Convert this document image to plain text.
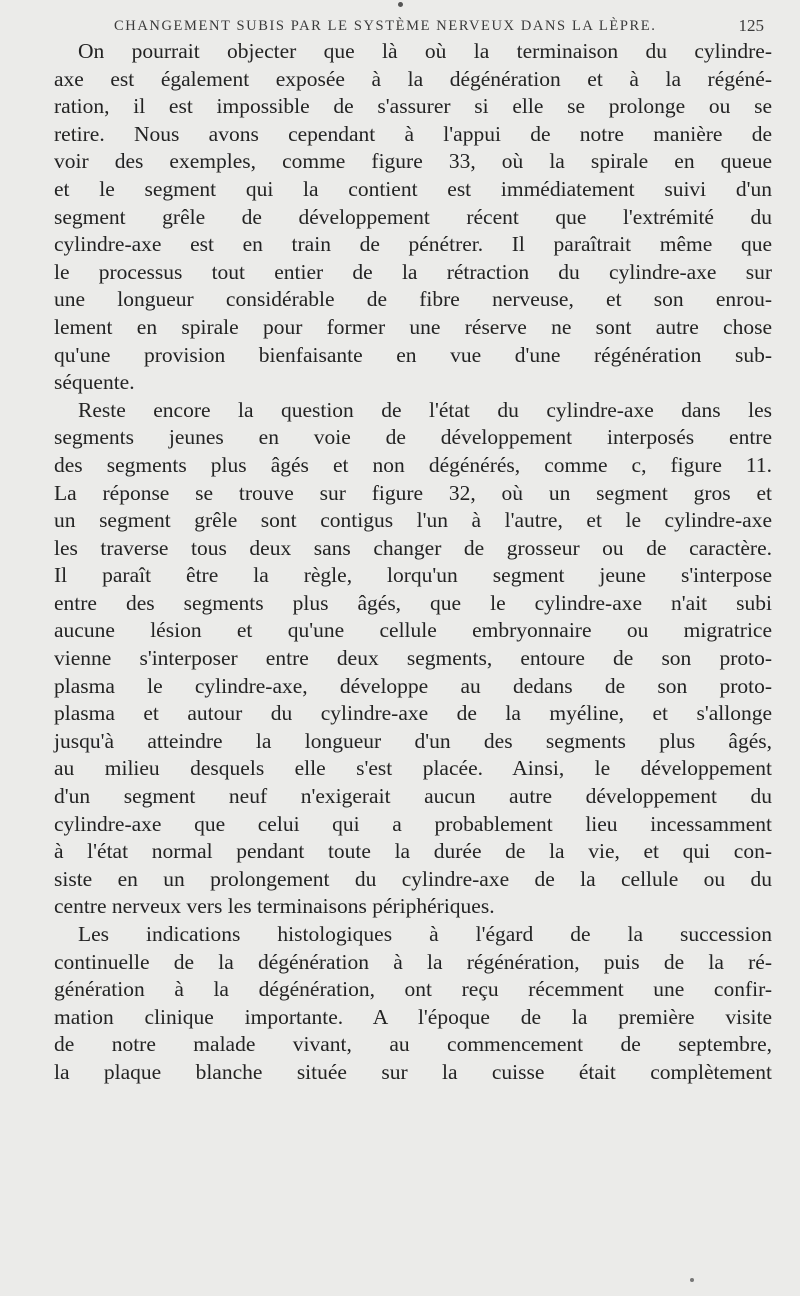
CHANGEMENT SUBIS PAR LE SYSTÈME NERVEUX DANS LA LÈPRE.	125
On pourrait objecter que là où la terminaison du cylindre-
axe est également exposée à la dégénération et à la régéné-
ration, il est impossible de s'assurer si elle se prolonge ou se
retire. Nous avons cependant à l'appui de notre manière de
voir des exemples, comme figure 33, où la spirale en queue
et le segment qui la contient est immédiatement suivi d'un
segment grêle de développement récent que l'extrémité du
cylindre-axe est en train de pénétrer. Il paraîtrait même que
le processus tout entier de la rétraction du cylindre-axe sur
une longueur considérable de fibre nerveuse, et son enrou-
lement en spirale pour former une réserve ne sont autre chose
qu'une provision bienfaisante en vue d'une régénération sub-
séquente.
Reste encore la question de l'état du cylindre-axe dans les
segments jeunes en voie de développement interposés entre
des segments plus âgés et non dégénérés, comme c, figure 11.
La réponse se trouve sur figure 32, où un segment gros et
un segment grêle sont contigus l'un à l'autre, et le cylindre-axe
les traverse tous deux sans changer de grosseur ou de caractère.
Il paraît être la règle, lorqu'un segment jeune s'interpose
entre des segments plus âgés, que le cylindre-axe n'ait subi
aucune lésion et qu'une cellule embryonnaire ou migratrice
vienne s'interposer entre deux segments, entoure de son proto-
plasma le cylindre-axe, développe au dedans de son proto-
plasma et autour du cylindre-axe de la myéline, et s'allonge
jusqu'à atteindre la longueur d'un des segments plus âgés,
au milieu desquels elle s'est placée. Ainsi, le développement
d'un segment neuf n'exigerait aucun autre développement du
cylindre-axe que celui qui a probablement lieu incessamment
à l'état normal pendant toute la durée de la vie, et qui con-
siste en un prolongement du cylindre-axe de la cellule ou du
centre nerveux vers les terminaisons périphériques.
Les indications histologiques à l'égard de la succession
continuelle de la dégénération à la régénération, puis de la ré-
génération à la dégénération, ont reçu récemment une confir-
mation clinique importante. A l'époque de la première visite
de notre malade vivant, au commencement de septembre,
la plaque blanche située sur la cuisse était complètement
